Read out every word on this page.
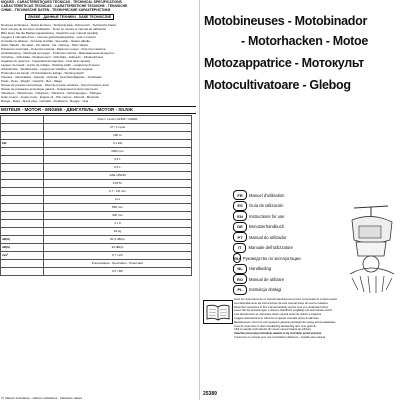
NIQUES - CARACTERISTIQUES TECNICAS - TECHNICAL SPECIFICATIONS
CARACTERÍSTICAS TECNICAS - CARATTERISTICHE TECNICHE - TEKNISCHE
CHNIK - TECHNISCHE DATEN - ТЕХНИЧЕСКИЕ ХАРАКТЕРИСТИКИ
ZINSKE - ДАННЫЕ ТЕХНИКИ - DANE TECHNICZNE
Données techniques - Datos técnicos - Technical data - Dati tecnici - Technische Daten
Tenir compte de la notice d'utilisation - Tener en cuenta el manual de utilización
Bitte lesen Sie die Bedienungsanleitung - Read the user manual carefully
Leggere il manuale d'uso - Lees de gebruiksaanwijzing - Leia o manual
Consulter le tableau - Consulte la tabla - See table - Vedere tabella
Siehe Tabelle - Zie tabel - Ver tabela - См. таблицу - Patrz tabela
Puissance maximale - Potencia máxima - Maximum power - Potenza massima
Höchstleistung - Maximaal vermogen - Potência máxima - Максимальная мощность
Cylindrée - Cilindrada - Displacement - Cilindrata - Hubraum - Cilinderinhoud
Capacité du réservoir - Capacidad del depósito - Fuel tank capacity
Largeur de travail - Ancho de trabajo - Working width - Larghezza di lavoro
Arbeitsbreite - Werkbreedte - Largura de trabalho - Рабочая ширина
Profondeur de travail - Profundidad de trabajo - Working depth
Vitesses - Velocidades - Speeds - Velocità - Geschwindigkeiten - Snelheden
Poids - Peso - Weight - Gewicht - Вес - Waga
Niveau de pression acoustique - Nivel de presión acústica - Sound pressure level
Niveau de puissance acoustique garanti - Guaranteed sound power level
Vibrations - Vibraciones - Vibrations - Vibrazioni - Schwingungen - Trillingen
Huile moteur - Aceite motor - Engine oil - Olio motore - Motoröl - Motorolie
Bougie - Bujía - Spark plug - Candela - Zündkerze - Bougie - Vela
MOTEUR - MOTOR - ENGINE - ДВИГАТЕЛЬ - MOTOR - SILNIK
	Préci / Loncin G160F / G200F
	4T / 4 cycle
	196 cc
kW	4,1 kW
	3600 rpm
	3,6 L
	0,6 L
	SAE 10W30
	F7RTC
	0,7 - 0,8 mm
	2+1
	850 mm
	300 mm
	4 x 8
	62 kg
dB(A)	81,5 dB(A)
dB(A)	93 dB(A)
m/s²	6,7 m/s²
	Pneumatique - Neumático - Pneumatic
	R7 / R8
(*) Valeurs indicatives - Valores indicativos - Indicative values
Motobineuses - Motobinador
- Motorhacken - Motoe
Motozappatrice - Мотокульт
Motocultivatoare - Glebog
FR	Manuel d'utilisation
ES	Guía de utilización
EN	Instructions for use
DE	Benutzerhandbuch
PT	Manual do utilizador
IT	Manuale dell'utilizzatore
RU Руководство по эксплуатации
NL	Handleiding
RO	Manual de utilizare
PL	Instrukcja obsługi
Lisez les instructions de ce manuel attentivement et bien comprendre le contenu avant
Lea detenidamente las instrucciones de este manual antes de usar la máquina
Read the instructions in this manual carefully and be sure you understand them
Lesen Sie die Anweisungen in diesem Handbuch sorgfältig und aufmerksam durch
Leia atentamente as instruções deste manual antes de utilizar a máquina
Leggere attentamente le istruzioni di questo manuale prima di utilizzare
Внимательно прочтите инструкции в данном руководстве перед использованием
Lees de instructies in deze handleiding aandachtig door voor gebruik
Citiți cu atenție instrucțiunile din acest manual înainte de utilizare
Uważnie przeczytaj instrukcje zawarte w tej instrukcji przed użyciem
Conservez ce manuel pour une consultation ultérieure - Guarde este manual
25389
